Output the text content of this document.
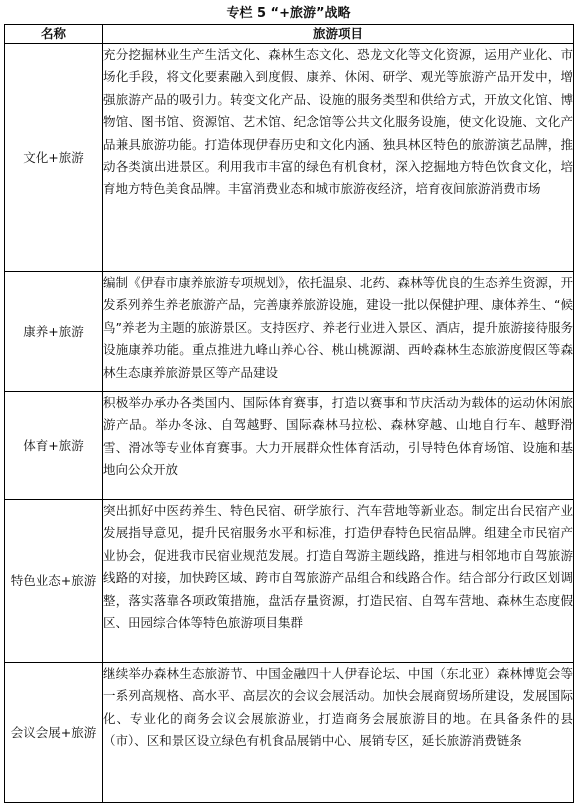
专栏 5 “+旅游”战略
名称	旅游项目
文化+旅游	充分挖掘林业生产生活文化、森林生态文化、恐龙文化等文化资源，运用产业化、市场化手段，将文化要素融入到度假、康养、休闲、研学、观光等旅游产品开发中，增强旅游产品的吸引力。转变文化产品、设施的服务类型和供给方式，开放文化馆、博物馆、图书馆、资源馆、艺术馆、纪念馆等公共文化服务设施，使文化设施、文化产品兼具旅游功能。打造体现伊春历史和文化内涵、独具林区特色的旅游演艺品牌，推动各类演出进景区。利用我市丰富的绿色有机食材，深入挖掘地方特色饮食文化，培育地方特色美食品牌。丰富消费业态和城市旅游夜经济，培育夜间旅游消费市场
康养+旅游	编制《伊春市康养旅游专项规划》，依托温泉、北药、森林等优良的生态养生资源，开发系列养生养老旅游产品，完善康养旅游设施，建设一批以保健护理、康体养生、“候鸟”养老为主题的旅游景区。支持医疗、养老行业进入景区、酒店，提升旅游接待服务设施康养功能。重点推进九峰山养心谷、桃山桃源湖、西岭森林生态旅游度假区等森林生态康养旅游景区等产品建设
体育+旅游	积极举办承办各类国内、国际体育赛事，打造以赛事和节庆活动为载体的运动休闲旅游产品。举办冬泳、自驾越野、国际森林马拉松、森林穿越、山地自行车、越野滑雪、滑冰等专业体育赛事。大力开展群众性体育活动，引导特色体育场馆、设施和基地向公众开放
特色业态+旅游	突出抓好中医药养生、特色民宿、研学旅行、汽车营地等新业态。制定出台民宿产业发展指导意见，提升民宿服务水平和标准，打造伊春特色民宿品牌。组建全市民宿产业协会，促进我市民宿业规范发展。打造自驾游主题线路，推进与相邻地市自驾旅游线路的对接，加快跨区域、跨市自驾旅游产品组合和线路合作。结合部分行政区划调整，落实落靠各项政策措施，盘活存量资源，打造民宿、自驾车营地、森林生态度假区、田园综合体等特色旅游项目集群
会议会展+旅游	继续举办森林生态旅游节、中国金融四十人伊春论坛、中国（东北亚）森林博览会等一系列高规格、高水平、高层次的会议会展活动。加快会展商贸场所建设，发展国际化、专业化的商务会议会展旅游业，打造商务会展旅游目的地。在具备条件的县（市）、区和景区设立绿色有机食品展销中心、展销专区，延长旅游消费链条
